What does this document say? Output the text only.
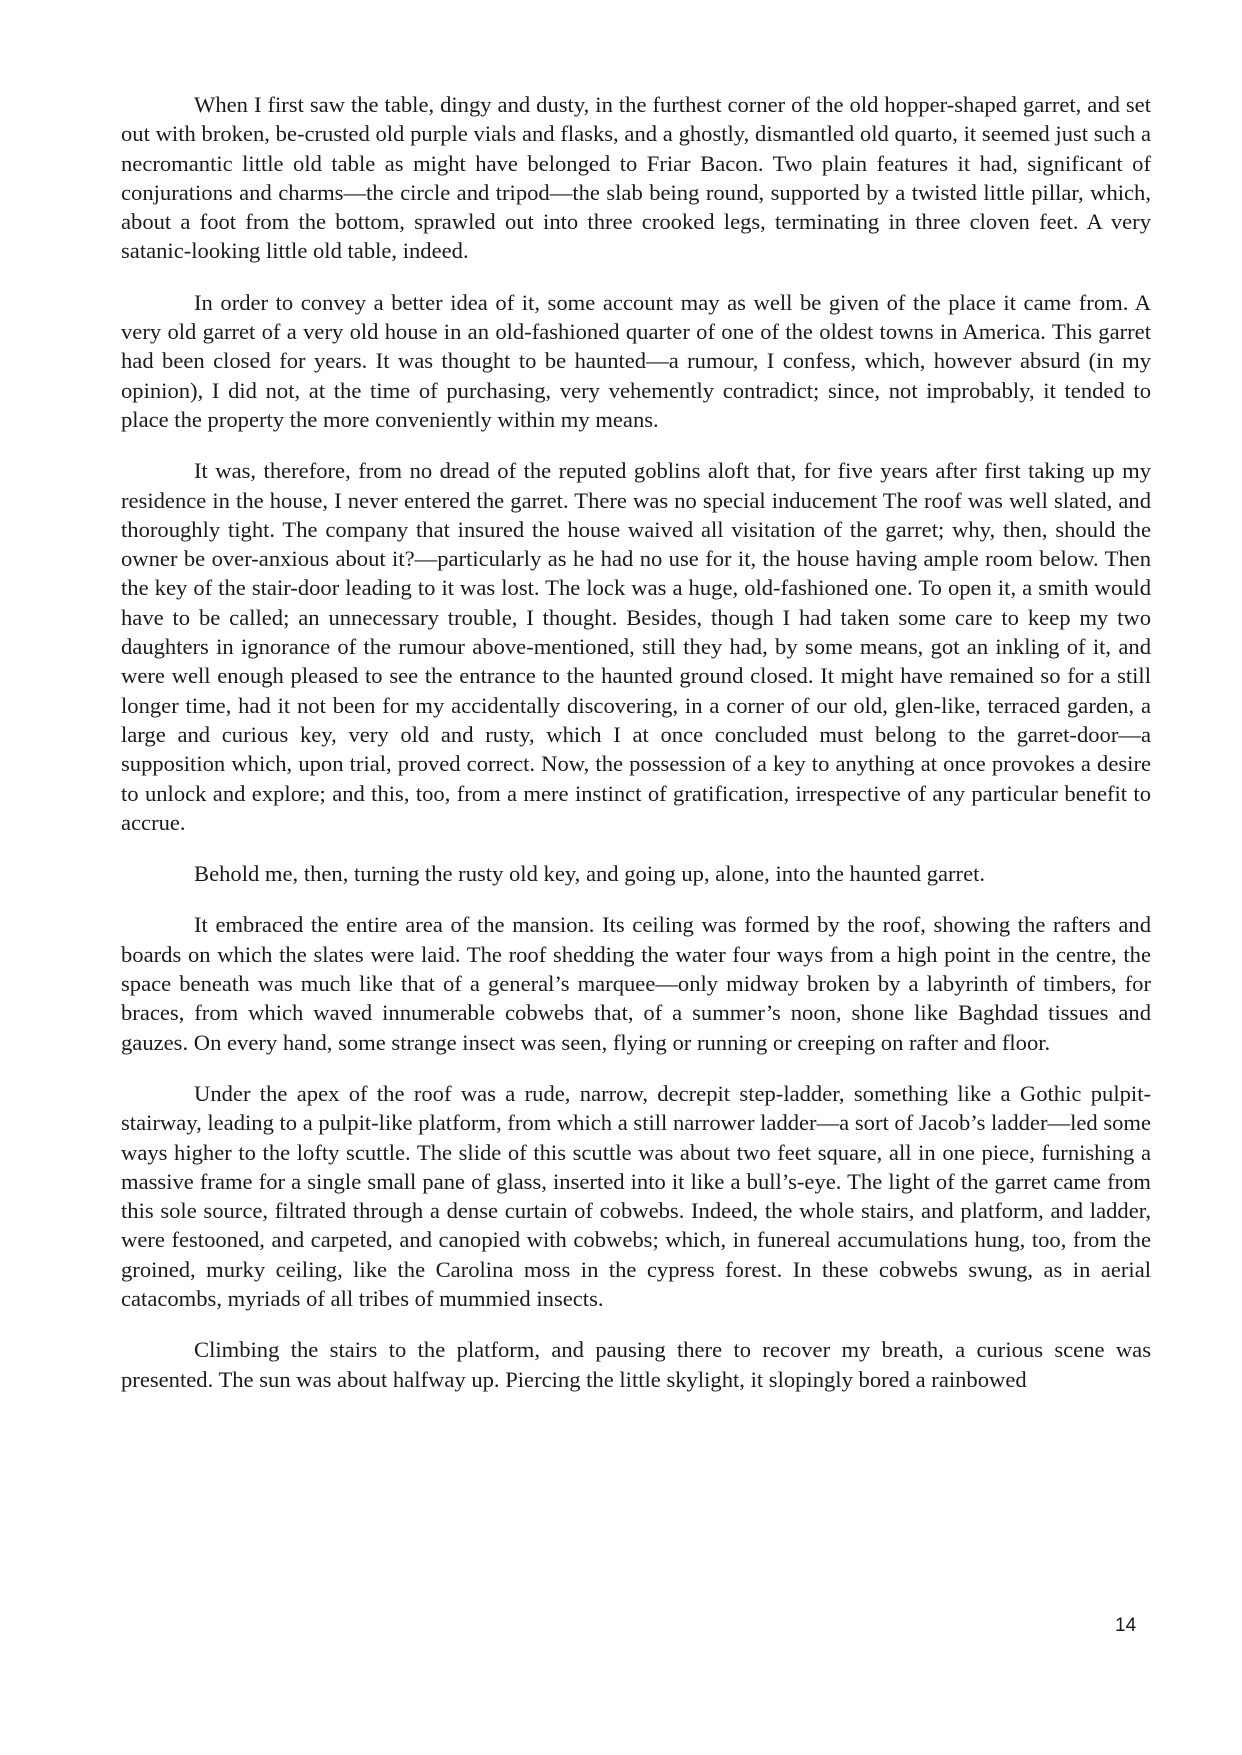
When I first saw the table, dingy and dusty, in the furthest corner of the old hopper-shaped garret, and set out with broken, be-crusted old purple vials and flasks, and a ghostly, dismantled old quarto, it seemed just such a necromantic little old table as might have belonged to Friar Bacon. Two plain features it had, significant of conjurations and charms—the circle and tripod—the slab being round, supported by a twisted little pillar, which, about a foot from the bottom, sprawled out into three crooked legs, terminating in three cloven feet. A very satanic-looking little old table, indeed.

In order to convey a better idea of it, some account may as well be given of the place it came from. A very old garret of a very old house in an old-fashioned quarter of one of the oldest towns in America. This garret had been closed for years. It was thought to be haunted—a rumour, I confess, which, however absurd (in my opinion), I did not, at the time of purchasing, very vehemently contradict; since, not improbably, it tended to place the property the more conveniently within my means.

It was, therefore, from no dread of the reputed goblins aloft that, for five years after first taking up my residence in the house, I never entered the garret. There was no special inducement The roof was well slated, and thoroughly tight. The company that insured the house waived all visitation of the garret; why, then, should the owner be over-anxious about it?—particularly as he had no use for it, the house having ample room below. Then the key of the stair-door leading to it was lost. The lock was a huge, old-fashioned one. To open it, a smith would have to be called; an unnecessary trouble, I thought. Besides, though I had taken some care to keep my two daughters in ignorance of the rumour above-mentioned, still they had, by some means, got an inkling of it, and were well enough pleased to see the entrance to the haunted ground closed. It might have remained so for a still longer time, had it not been for my accidentally discovering, in a corner of our old, glen-like, terraced garden, a large and curious key, very old and rusty, which I at once concluded must belong to the garret-door—a supposition which, upon trial, proved correct. Now, the possession of a key to anything at once provokes a desire to unlock and explore; and this, too, from a mere instinct of gratification, irrespective of any particular benefit to accrue.

Behold me, then, turning the rusty old key, and going up, alone, into the haunted garret.

It embraced the entire area of the mansion. Its ceiling was formed by the roof, showing the rafters and boards on which the slates were laid. The roof shedding the water four ways from a high point in the centre, the space beneath was much like that of a general’s marquee—only midway broken by a labyrinth of timbers, for braces, from which waved innumerable cobwebs that, of a summer’s noon, shone like Baghdad tissues and gauzes. On every hand, some strange insect was seen, flying or running or creeping on rafter and floor.

Under the apex of the roof was a rude, narrow, decrepit step-ladder, something like a Gothic pulpit-stairway, leading to a pulpit-like platform, from which a still narrower ladder—a sort of Jacob’s ladder—led some ways higher to the lofty scuttle. The slide of this scuttle was about two feet square, all in one piece, furnishing a massive frame for a single small pane of glass, inserted into it like a bull’s-eye. The light of the garret came from this sole source, filtrated through a dense curtain of cobwebs. Indeed, the whole stairs, and platform, and ladder, were festooned, and carpeted, and canopied with cobwebs; which, in funereal accumulations hung, too, from the groined, murky ceiling, like the Carolina moss in the cypress forest. In these cobwebs swung, as in aerial catacombs, myriads of all tribes of mummied insects.

Climbing the stairs to the platform, and pausing there to recover my breath, a curious scene was presented. The sun was about halfway up. Piercing the little skylight, it slopingly bored a rainbowed

14
